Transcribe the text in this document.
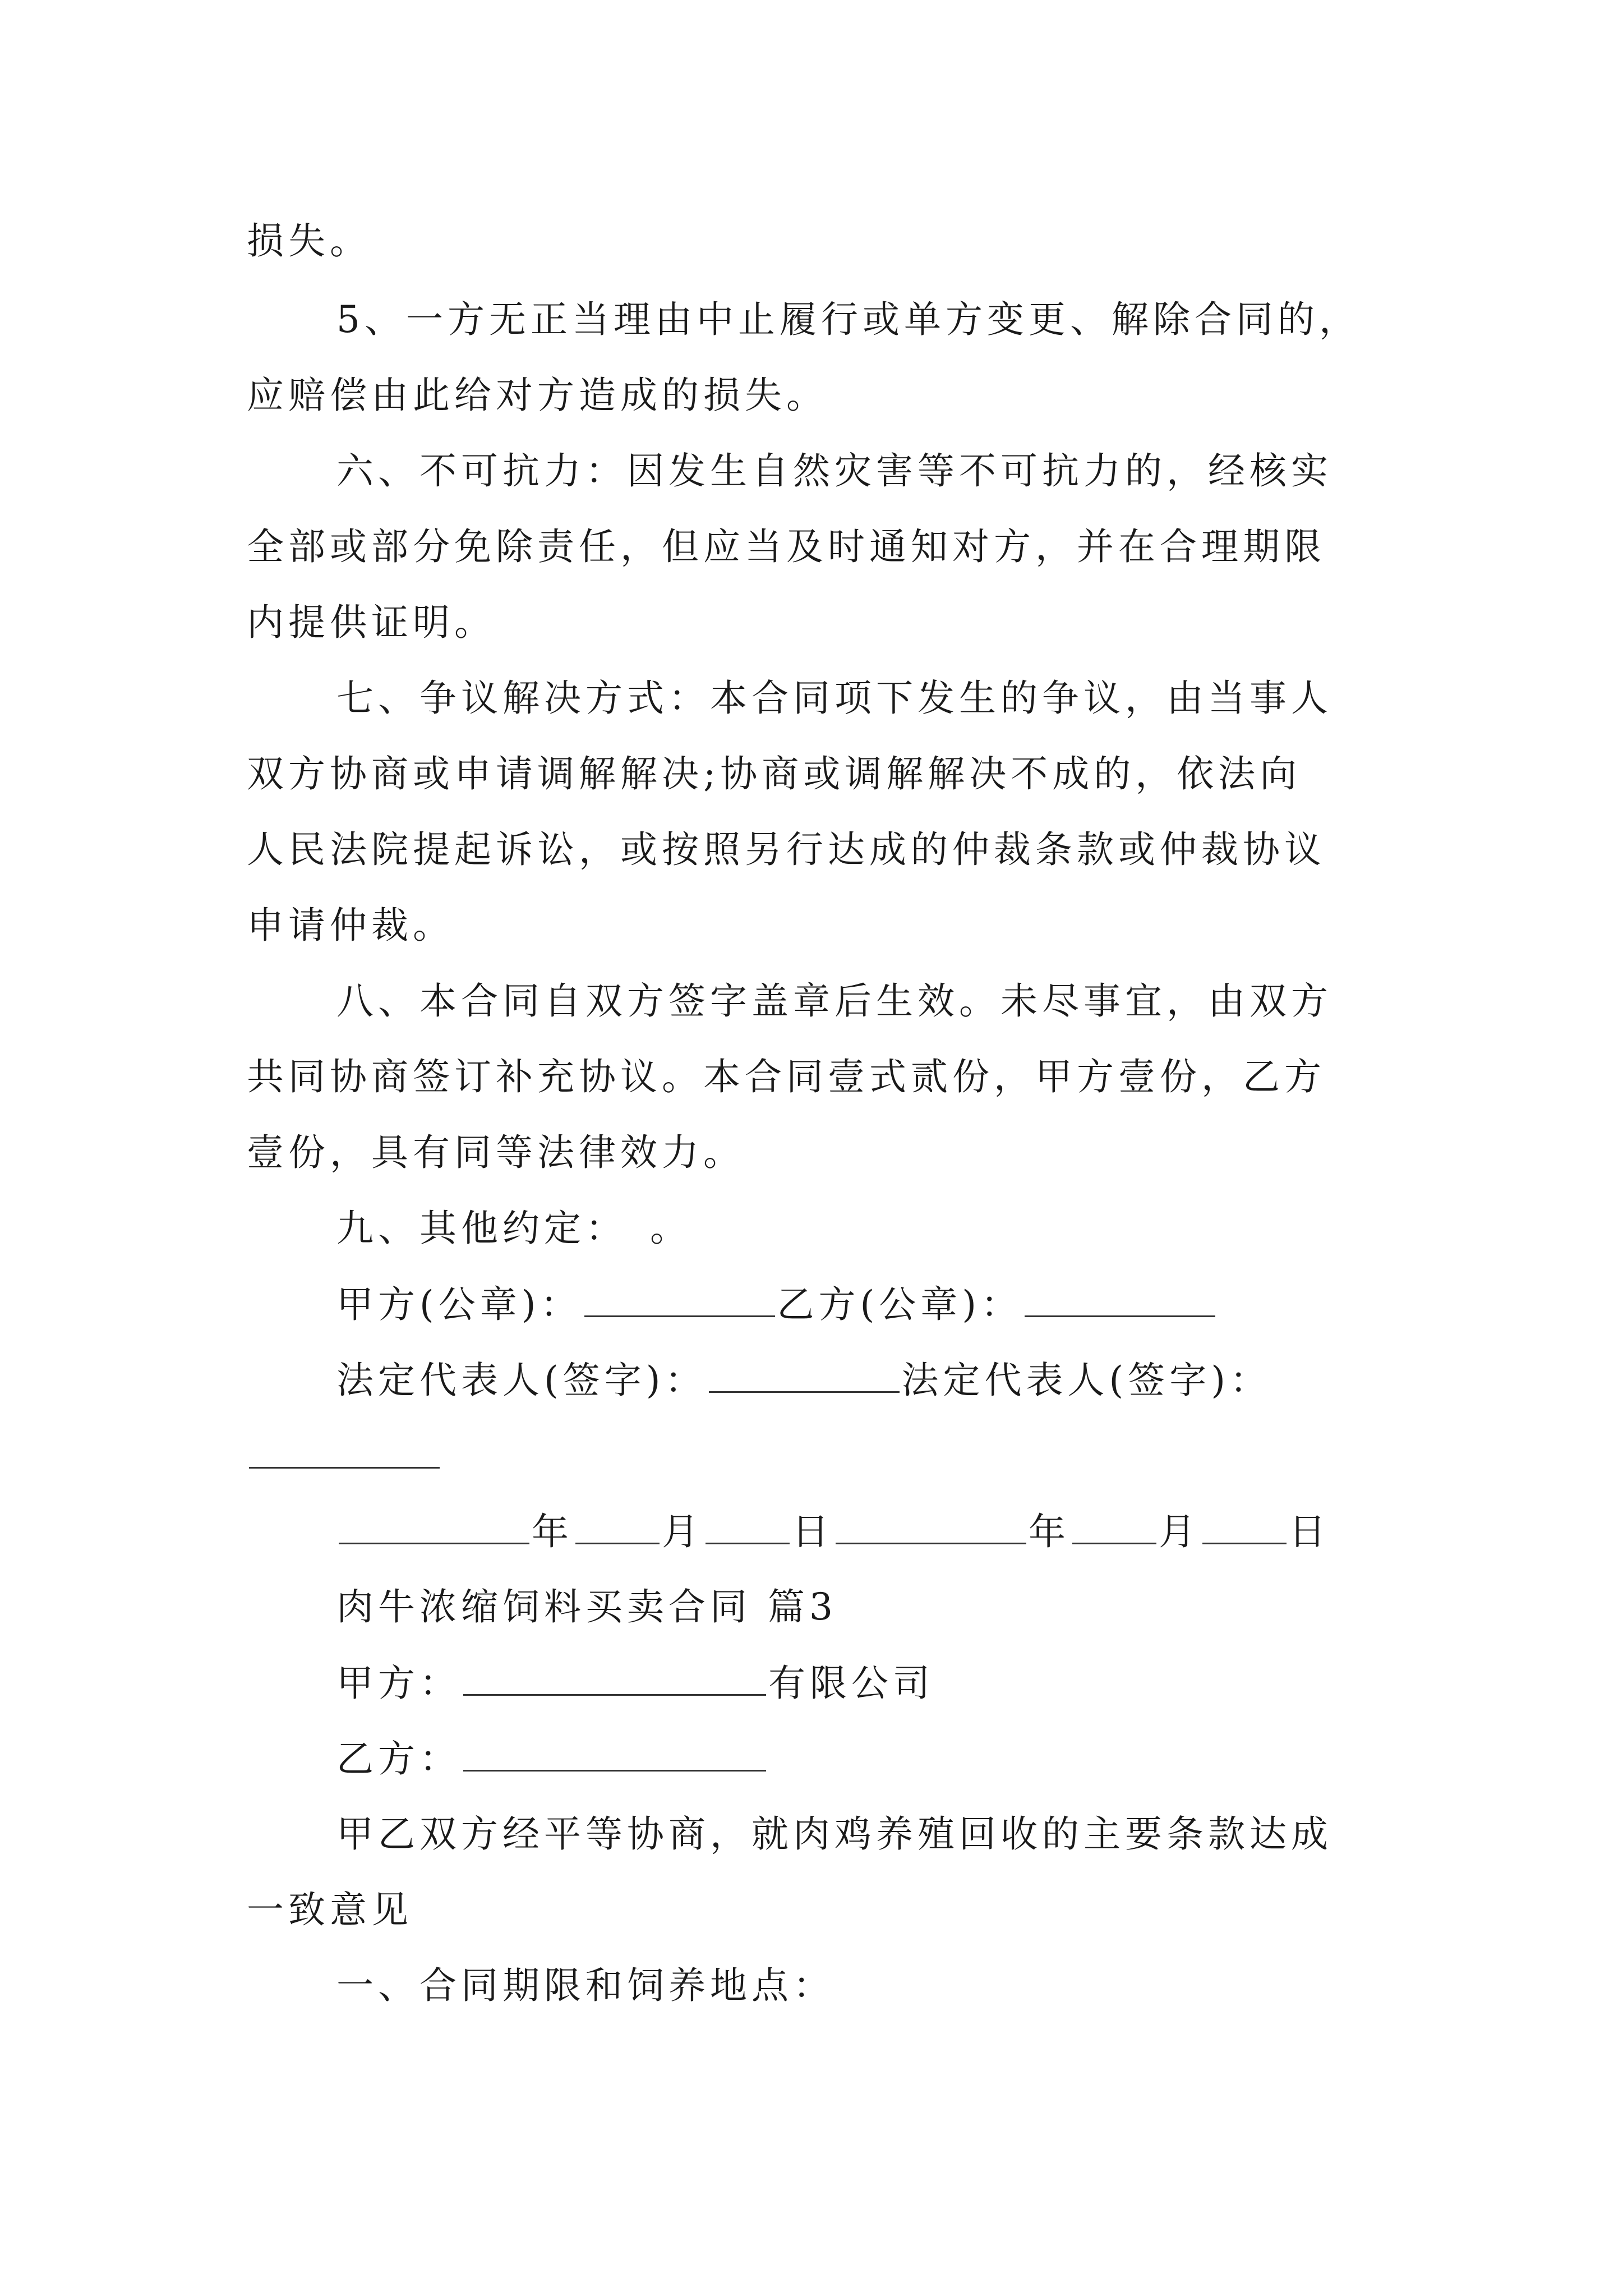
损失。
5、一方无正当理由中止履行或单方变更、解除合同的，
应赔偿由此给对方造成的损失。
六、不可抗力：因发生自然灾害等不可抗力的，经核实
全部或部分免除责任，但应当及时通知对方，并在合理期限
内提供证明。
七、争议解决方式：本合同项下发生的争议，由当事人
双方协商或申请调解解决;协商或调解解决不成的，依法向
人民法院提起诉讼，或按照另行达成的仲裁条款或仲裁协议
申请仲裁。
八、本合同自双方签字盖章后生效。未尽事宜，由双方
共同协商签订补充协议。本合同壹式贰份，甲方壹份，乙方
壹份，具有同等法律效力。
九、其他约定：　。
甲方(公章)：	乙方(公章)：
法定代表人(签字)：	法定代表人(签字)：
年 月 日	年 月 日
肉牛浓缩饲料买卖合同 篇3
甲方：	有限公司
乙方：
甲乙双方经平等协商，就肉鸡养殖回收的主要条款达成
一致意见
一、合同期限和饲养地点：
